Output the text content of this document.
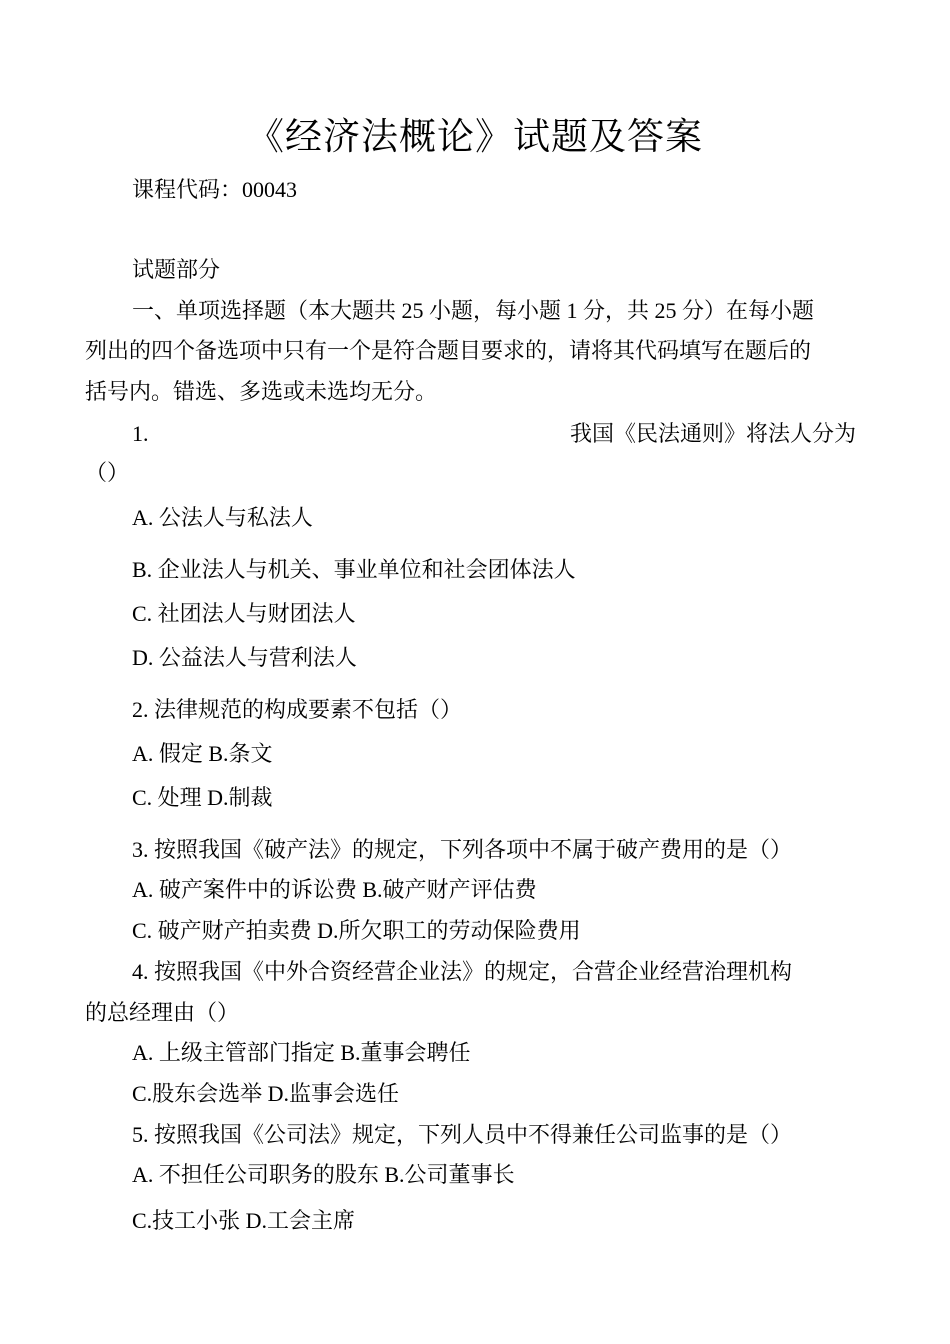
《经济法概论》试题及答案
课程代码：00043
试题部分
一、单项选择题（本大题共 25 小题，每小题 1 分，共 25 分）在每小题
列出的四个备选项中只有一个是符合题目要求的，请将其代码填写在题后的
括号内。错选、多选或未选均无分。
1.	我国《民法通则》将法人分为
（）
A. 公法人与私法人
B. 企业法人与机关、事业单位和社会团体法人
C. 社团法人与财团法人
D. 公益法人与营利法人
2. 法律规范的构成要素不包括（）
A. 假定 B.条文
C. 处理 D.制裁
3. 按照我国《破产法》的规定，下列各项中不属于破产费用的是（）
A. 破产案件中的诉讼费 B.破产财产评估费
C. 破产财产拍卖费 D.所欠职工的劳动保险费用
4. 按照我国《中外合资经营企业法》的规定，合营企业经营治理机构
的总经理由（）
A. 上级主管部门指定 B.董事会聘任
C.股东会选举 D.监事会选任
5. 按照我国《公司法》规定，下列人员中不得兼任公司监事的是（）
A. 不担任公司职务的股东 B.公司董事长
C.技工小张 D.工会主席
